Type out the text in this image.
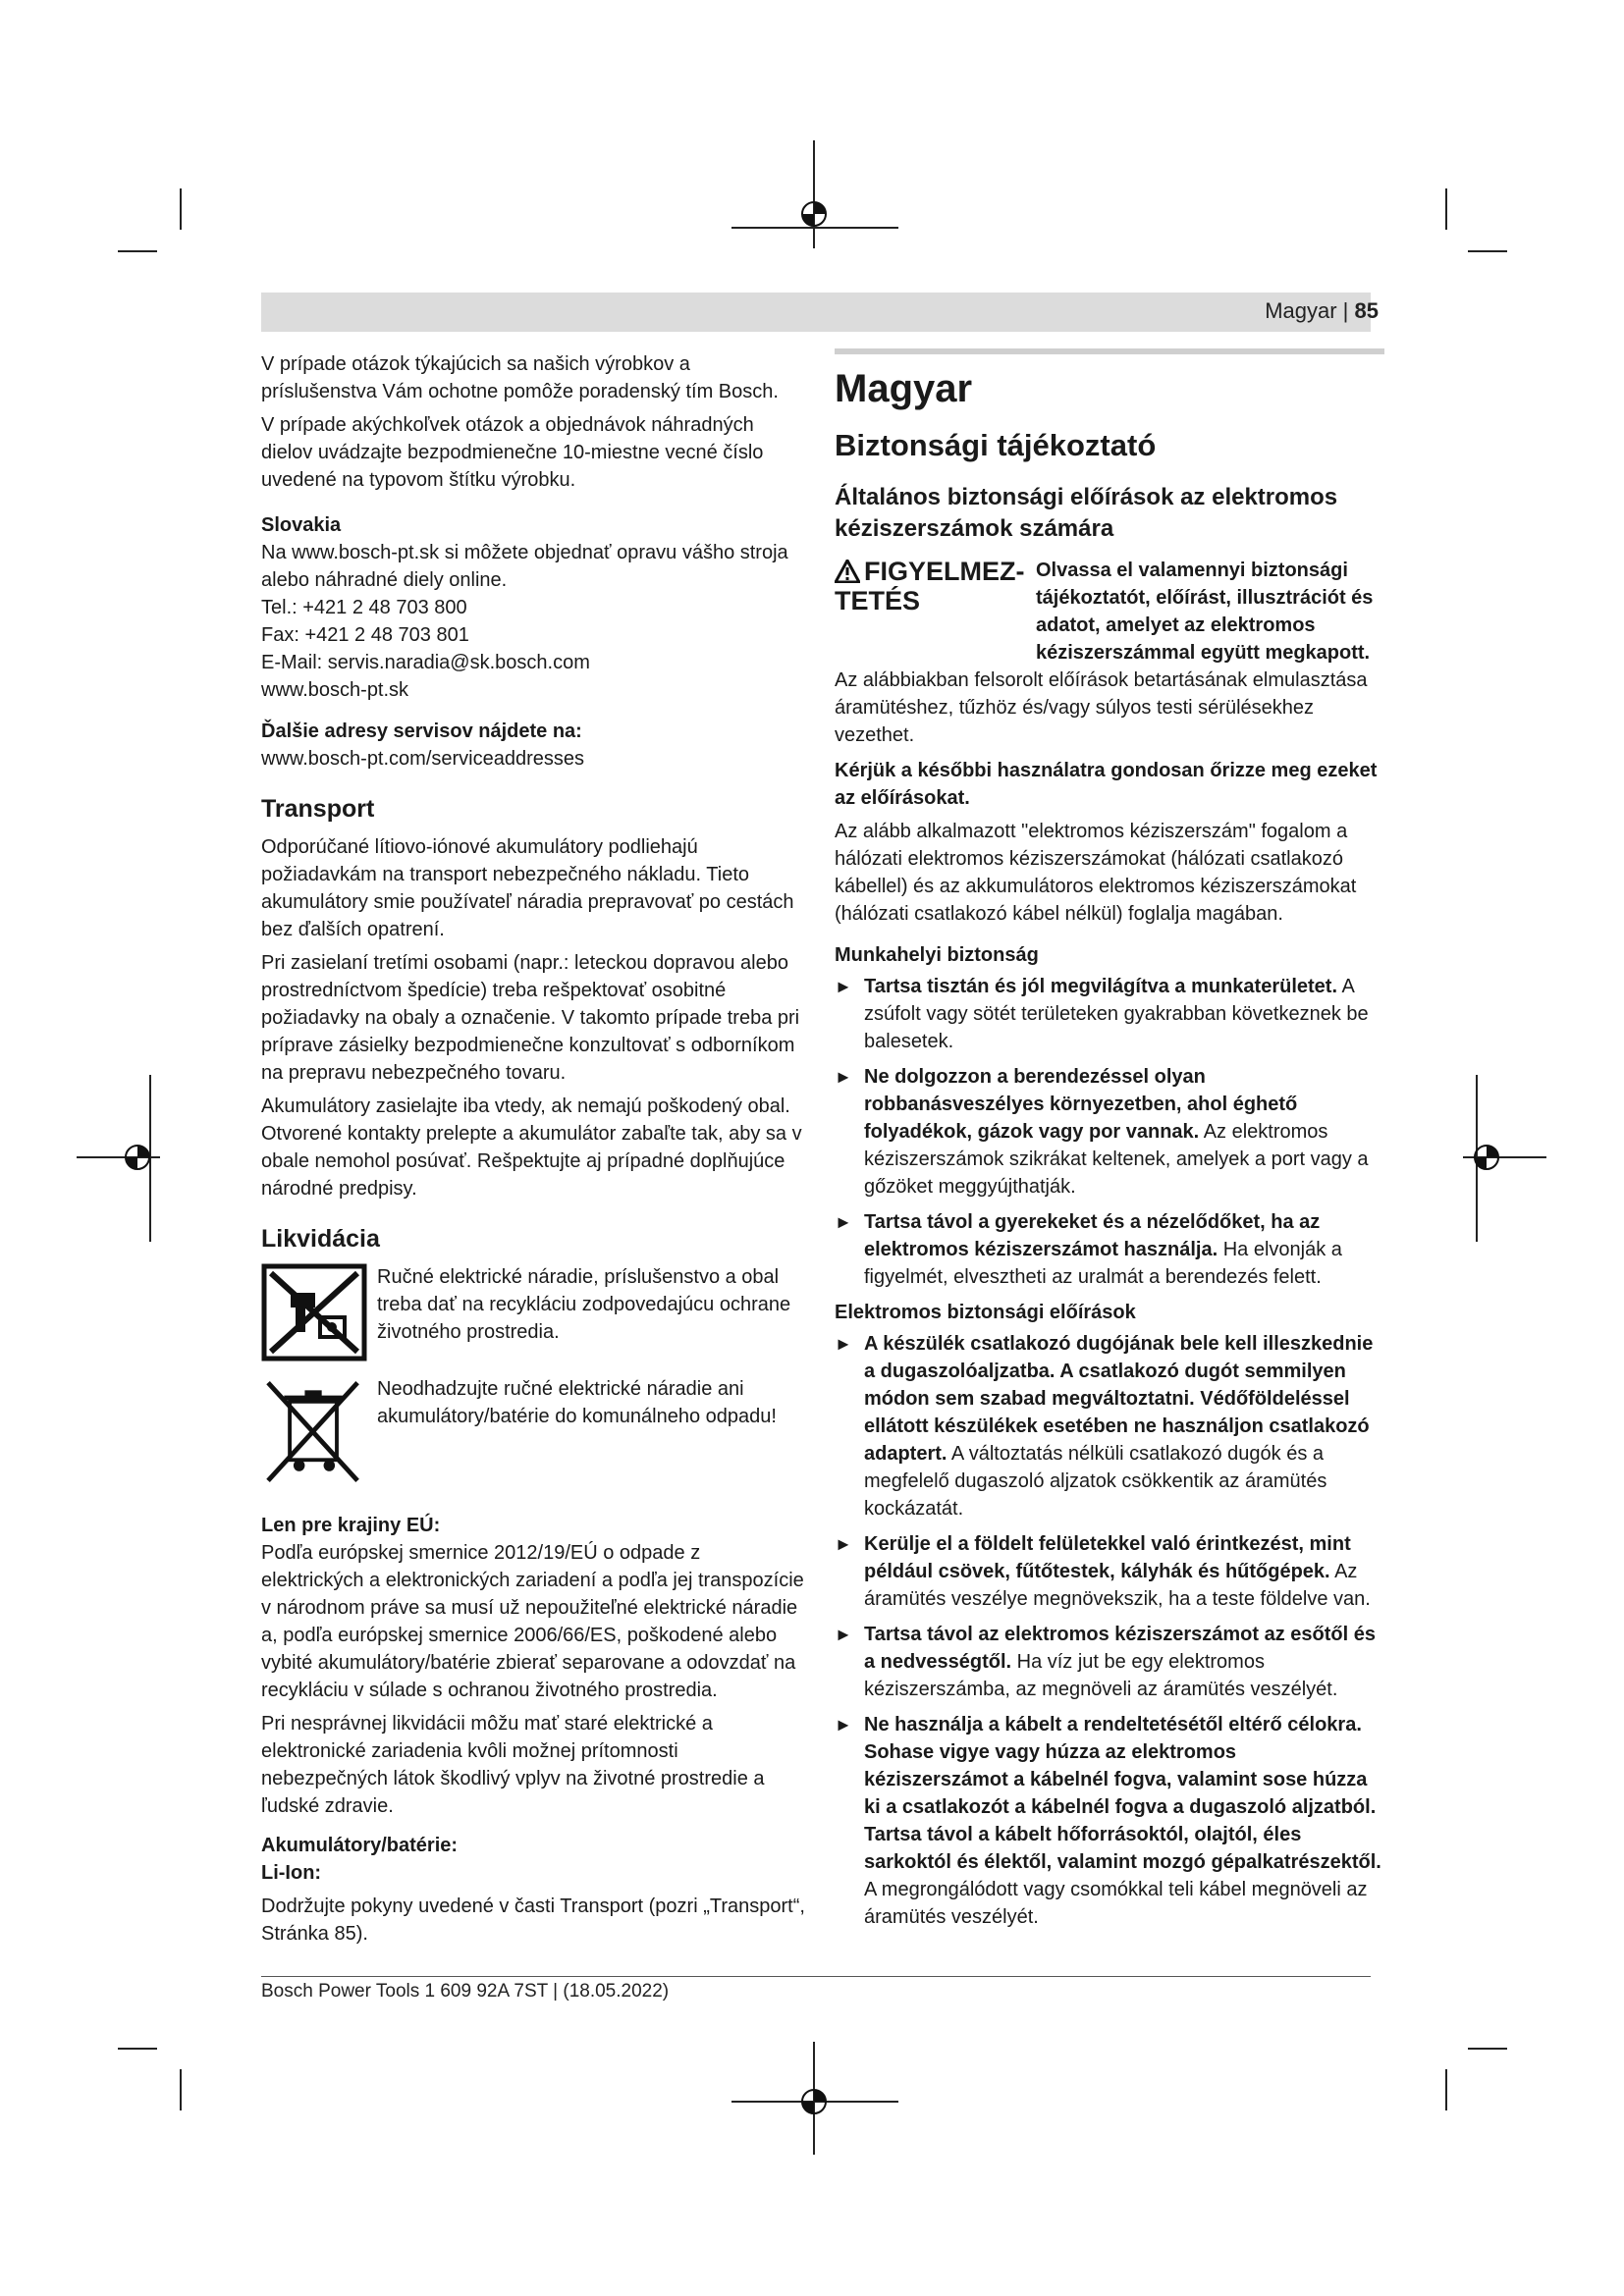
Magyar | 85

V prípade otázok týkajúcich sa našich výrobkov a príslušenstva Vám ochotne pomôže poradenský tím Bosch.

V prípade akýchkoľvek otázok a objednávok náhradných dielov uvádzajte bezpodmienečne 10-miestne vecné číslo uvedené na typovom štítku výrobku.

Slovakia

Na www.bosch-pt.sk si môžete objednať opravu vášho stroja alebo náhradné diely online.

Tel.: +421 2 48 703 800

Fax: +421 2 48 703 801

E-Mail: servis.naradia@sk.bosch.com

www.bosch-pt.sk

Ďalšie adresy servisov nájdete na:

www.bosch-pt.com/serviceaddresses

Transport

Odporúčané lítiovo-iónové akumulátory podliehajú požiadavkám na transport nebezpečného nákladu. Tieto akumulátory smie používateľ náradia prepravovať po cestách bez ďalších opatrení.

Pri zasielaní tretími osobami (napr.: leteckou dopravou alebo prostredníctvom špedície) treba rešpektovať osobitné požiadavky na obaly a označenie. V takomto prípade treba pri príprave zásielky bezpodmienečne konzultovať s odborníkom na prepravu nebezpečného tovaru.

Akumulátory zasielajte iba vtedy, ak nemajú poškodený obal. Otvorené kontakty prelepte a akumulátor zabaľte tak, aby sa v obale nemohol posúvať. Rešpektujte aj prípadné doplňujúce národné predpisy.

Likvidácia

Ručné elektrické náradie, príslušenstvo a obal treba dať na recykláciu zodpovedajúcu ochrane životného prostredia.

Neodhadzujte ručné elektrické náradie ani akumulátory/batérie do komunálneho odpadu!

Len pre krajiny EÚ:

Podľa európskej smernice 2012/19/EÚ o odpade z elektrických a elektronických zariadení a podľa jej transpozície v národnom práve sa musí už nepoužiteľné elektrické náradie a, podľa európskej smernice 2006/66/ES, poškodené alebo vybité akumulátory/batérie zbierať separovane a odovzdať na recykláciu v súlade s ochranou životného prostredia.

Pri nesprávnej likvidácii môžu mať staré elektrické a elektronické zariadenia kvôli možnej prítomnosti nebezpečných látok škodlivý vplyv na životné prostredie a ľudské zdravie.

Akumulátory/batérie:
Li-Ion:

Dodržujte pokyny uvedené v časti Transport (pozri „Transport“, Stránka 85).

Magyar
Biztonsági tájékoztató
Általános biztonsági előírások az elektromos kéziszerszámok számára
FIGYELMEZ-
TETÉS
Olvassa el valamennyi biztonsági tájékoztatót, előírást, illusztrációt és adatot, amelyet az elektromos kéziszerszámmal együtt megkapott.

Az alábbiakban felsorolt előírások betartásának elmulasztása áramütéshez, tűzhöz és/vagy súlyos testi sérülésekhez vezethet.

Kérjük a későbbi használatra gondosan őrizze meg ezeket az előírásokat.

Az alább alkalmazott "elektromos kéziszerszám" fogalom a hálózati elektromos kéziszerszámokat (hálózati csatlakozó kábellel) és az akkumulátoros elektromos kéziszerszámokat (hálózati csatlakozó kábel nélkül) foglalja magában.

Munkahelyi biztonság
► Tartsa tisztán és jól megvilágítva a munkaterületet. A zsúfolt vagy sötét területeken gyakrabban következnek be balesetek.
► Ne dolgozzon a berendezéssel olyan robbanásveszélyes környezetben, ahol éghető folyadékok, gázok vagy por vannak. Az elektromos kéziszerszámok szikrákat keltenek, amelyek a port vagy a gőzöket meggyújthatják.
► Tartsa távol a gyerekeket és a nézelődőket, ha az elektromos kéziszerszámot használja. Ha elvonják a figyelmét, elvesztheti az uralmát a berendezés felett.
Elektromos biztonsági előírások
► A készülék csatlakozó dugójának bele kell illeszkednie a dugaszolóaljzatba. A csatlakozó dugót semmilyen módon sem szabad megváltoztatni. Védőföldeléssel ellátott készülékek esetében ne használjon csatlakozó adaptert. A változtatás nélküli csatlakozó dugók és a megfelelő dugaszoló aljzatok csökkentik az áramütés kockázatát.
► Kerülje el a földelt felületekkel való érintkezést, mint például csövek, fűtőtestek, kályhák és hűtőgépek. Az áramütés veszélye megnövekszik, ha a teste földelve van.
► Tartsa távol az elektromos kéziszerszámot az esőtől és a nedvességtől. Ha víz jut be egy elektromos kéziszerszámba, az megnöveli az áramütés veszélyét.
► Ne használja a kábelt a rendeltetésétől eltérő célokra. Sohase vigye vagy húzza az elektromos kéziszerszámot a kábelnél fogva, valamint sose húzza ki a csatlakozót a kábelnél fogva a dugaszoló aljzatból. Tartsa távol a kábelt hőforrásoktól, olajtól, éles sarkoktól és élektől, valamint mozgó gépalkatrészektől. A megrongálódott vagy csomókkal teli kábel megnöveli az áramütés veszélyét.
Bosch Power Tools 1 609 92A 7ST | (18.05.2022)
